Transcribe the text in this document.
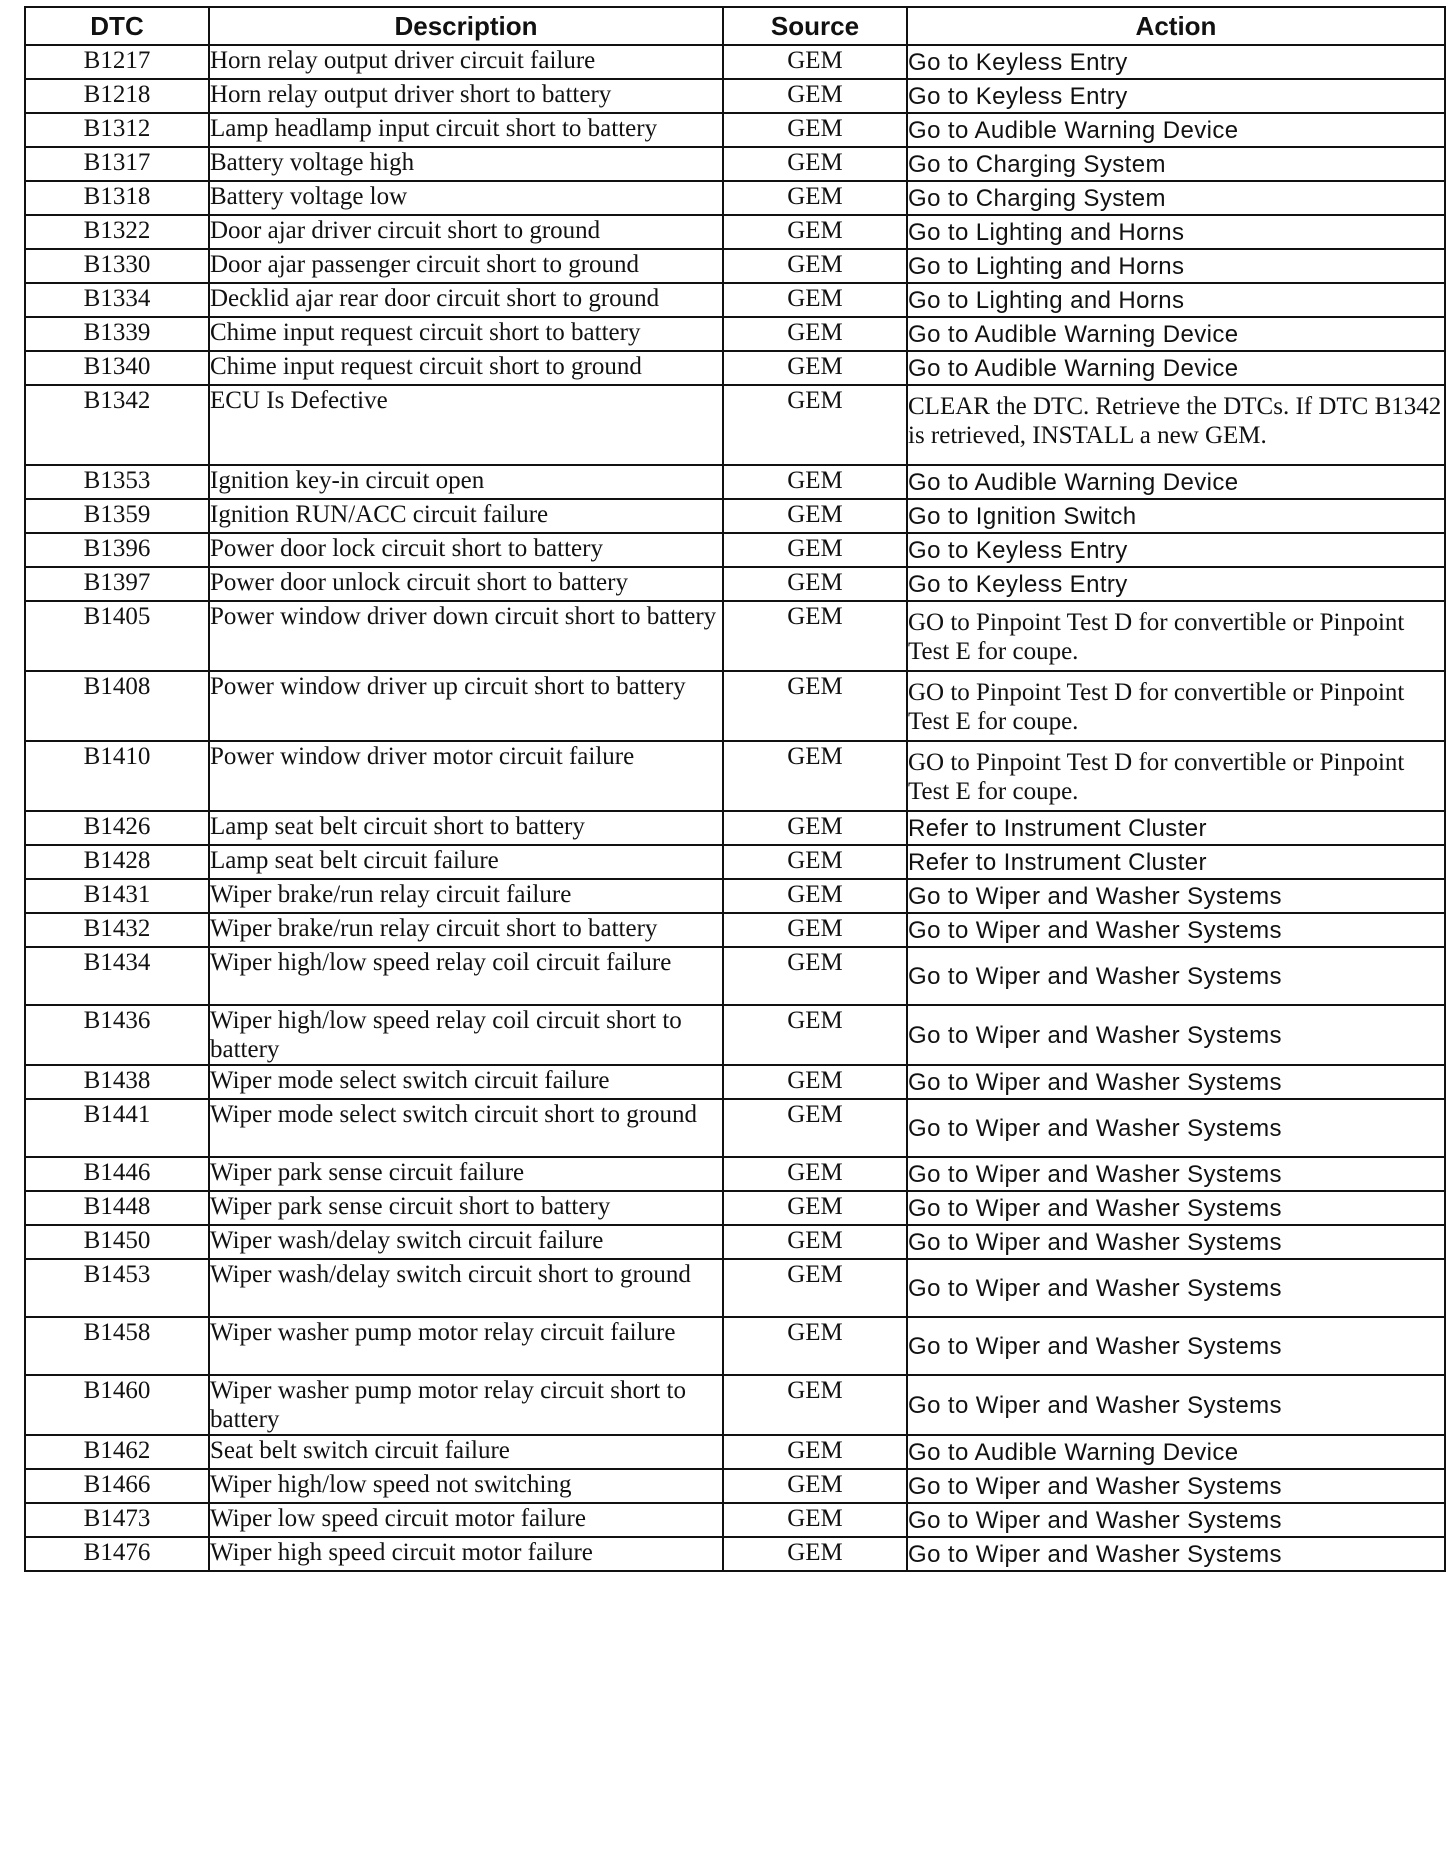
DTC	Description	Source	Action
B1217	Horn relay output driver circuit failure	GEM	Go to Keyless Entry
B1218	Horn relay output driver short to battery	GEM	Go to Keyless Entry
B1312	Lamp headlamp input circuit short to battery	GEM	Go to Audible Warning Device
B1317	Battery voltage high	GEM	Go to Charging System
B1318	Battery voltage low	GEM	Go to Charging System
B1322	Door ajar driver circuit short to ground	GEM	Go to Lighting and Horns
B1330	Door ajar passenger circuit short to ground	GEM	Go to Lighting and Horns
B1334	Decklid ajar rear door circuit short to ground	GEM	Go to Lighting and Horns
B1339	Chime input request circuit short to battery	GEM	Go to Audible Warning Device
B1340	Chime input request circuit short to ground	GEM	Go to Audible Warning Device
B1342	ECU Is Defective	GEM	CLEAR the DTC. Retrieve the DTCs. If DTC B1342 is retrieved, INSTALL a new GEM.
B1353	Ignition key-in circuit open	GEM	Go to Audible Warning Device
B1359	Ignition RUN/ACC circuit failure	GEM	Go to Ignition Switch
B1396	Power door lock circuit short to battery	GEM	Go to Keyless Entry
B1397	Power door unlock circuit short to battery	GEM	Go to Keyless Entry
B1405	Power window driver down circuit short to battery	GEM	GO to Pinpoint Test D for convertible or Pinpoint Test E for coupe.
B1408	Power window driver up circuit short to battery	GEM	GO to Pinpoint Test D for convertible or Pinpoint Test E for coupe.
B1410	Power window driver motor circuit failure	GEM	GO to Pinpoint Test D for convertible or Pinpoint Test E for coupe.
B1426	Lamp seat belt circuit short to battery	GEM	Refer to Instrument Cluster
B1428	Lamp seat belt circuit failure	GEM	Refer to Instrument Cluster
B1431	Wiper brake/run relay circuit failure	GEM	Go to Wiper and Washer Systems
B1432	Wiper brake/run relay circuit short to battery	GEM	Go to Wiper and Washer Systems
B1434	Wiper high/low speed relay coil circuit failure	GEM	Go to Wiper and Washer Systems
B1436	Wiper high/low speed relay coil circuit short to battery	GEM	Go to Wiper and Washer Systems
B1438	Wiper mode select switch circuit failure	GEM	Go to Wiper and Washer Systems
B1441	Wiper mode select switch circuit short to ground	GEM	Go to Wiper and Washer Systems
B1446	Wiper park sense circuit failure	GEM	Go to Wiper and Washer Systems
B1448	Wiper park sense circuit short to battery	GEM	Go to Wiper and Washer Systems
B1450	Wiper wash/delay switch circuit failure	GEM	Go to Wiper and Washer Systems
B1453	Wiper wash/delay switch circuit short to ground	GEM	Go to Wiper and Washer Systems
B1458	Wiper washer pump motor relay circuit failure	GEM	Go to Wiper and Washer Systems
B1460	Wiper washer pump motor relay circuit short to battery	GEM	Go to Wiper and Washer Systems
B1462	Seat belt switch circuit failure	GEM	Go to Audible Warning Device
B1466	Wiper high/low speed not switching	GEM	Go to Wiper and Washer Systems
B1473	Wiper low speed circuit motor failure	GEM	Go to Wiper and Washer Systems
B1476	Wiper high speed circuit motor failure	GEM	Go to Wiper and Washer Systems
